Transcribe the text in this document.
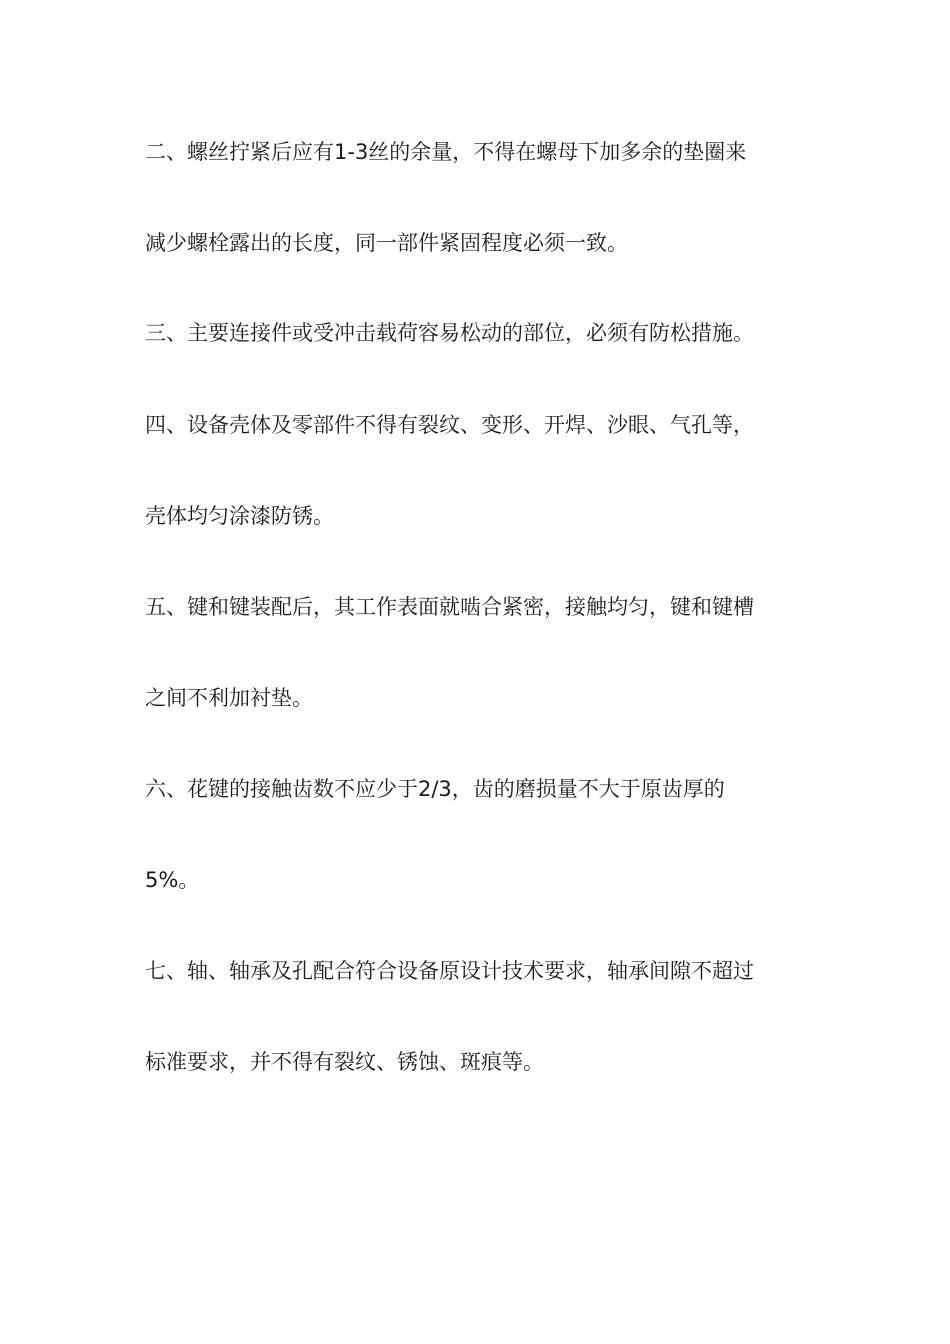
二、螺丝拧紧后应有1-3丝的余量，不得在螺母下加多余的垫圈来
减少螺栓露出的长度，同一部件紧固程度必须一致。
三、主要连接件或受冲击载荷容易松动的部位，必须有防松措施。
四、设备壳体及零部件不得有裂纹、变形、开焊、沙眼、气孔等，
壳体均匀涂漆防锈。
五、键和键装配后，其工作表面就啮合紧密，接触均匀，键和键槽
之间不利加衬垫。
六、花键的接触齿数不应少于2/3，齿的磨损量不大于原齿厚的
5%。
七、轴、轴承及孔配合符合设备原设计技术要求，轴承间隙不超过
标准要求，并不得有裂纹、锈蚀、斑痕等。
